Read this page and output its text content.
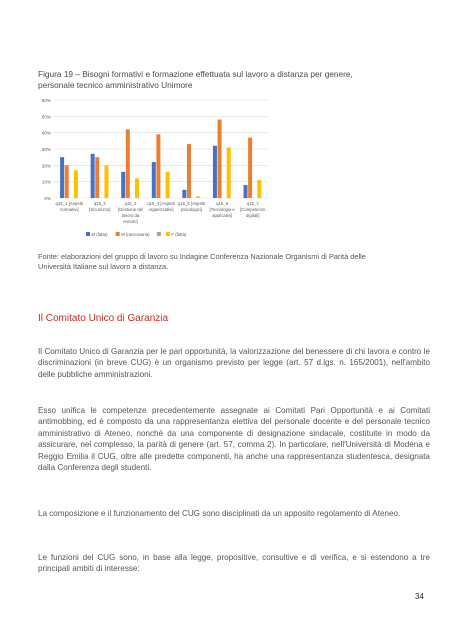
Figura 19 – Bisogni formativi e formazione effettuata sul lavoro a distanza per genere,
personale tecnico amministrativo Unimore
0%
10%
20%
30%
40%
50%
60%
q15_1 [Aspetti
normativi]
q15_2
[Sicurezza]
q15_3
[Gestione del
lavoro da
remoto]
q15_4 [Aspetti
organizzativi]
q15_5 [Aspetti
psicologici]
q15_6
[Tecnologia e
applicativi]
q15_7
[Competenze
digitali]
M (fatta)	M (necessaria)	F (fatta)
Fonte: elaborazioni del gruppo di lavoro su Indagine Conferenza Nazionale Organismi di Parità delle
Università Italiane sul lavoro a distanza.
Il Comitato Unico di Garanzia
Il Comitato Unico di Garanzia per le pari opportunità, la valorizzazione del benessere di chi lavora e contro le discriminazioni (in breve CUG) è un organismo previsto per legge (art. 57 d.lgs. n. 165/2001), nell'ambito delle pubbliche amministrazioni.
Esso unifica le competenze precedentemente assegnate ai Comitati Pari Opportunità e ai Comitati antimobbing, ed è composto da una rappresentanza elettiva del personale docente e del personale tecnico amministrativo di Ateneo, nonché da una componente di designazione sindacale, costituite in modo da assicurare, nel complesso, la parità di genere (art. 57, comma 2). In particolare, nell'Università di Modena e Reggio Emilia il CUG, oltre alle predette componenti, ha anche una rappresentanza studentesca, designata dalla Conferenza degli studenti.
La composizione e il funzionamento del CUG sono disciplinati da un apposito regolamento di Ateneo.
Le funzioni del CUG sono, in base alla legge, propositive, consultive e di verifica, e si estendono a tre principali ambiti di interesse:
34
